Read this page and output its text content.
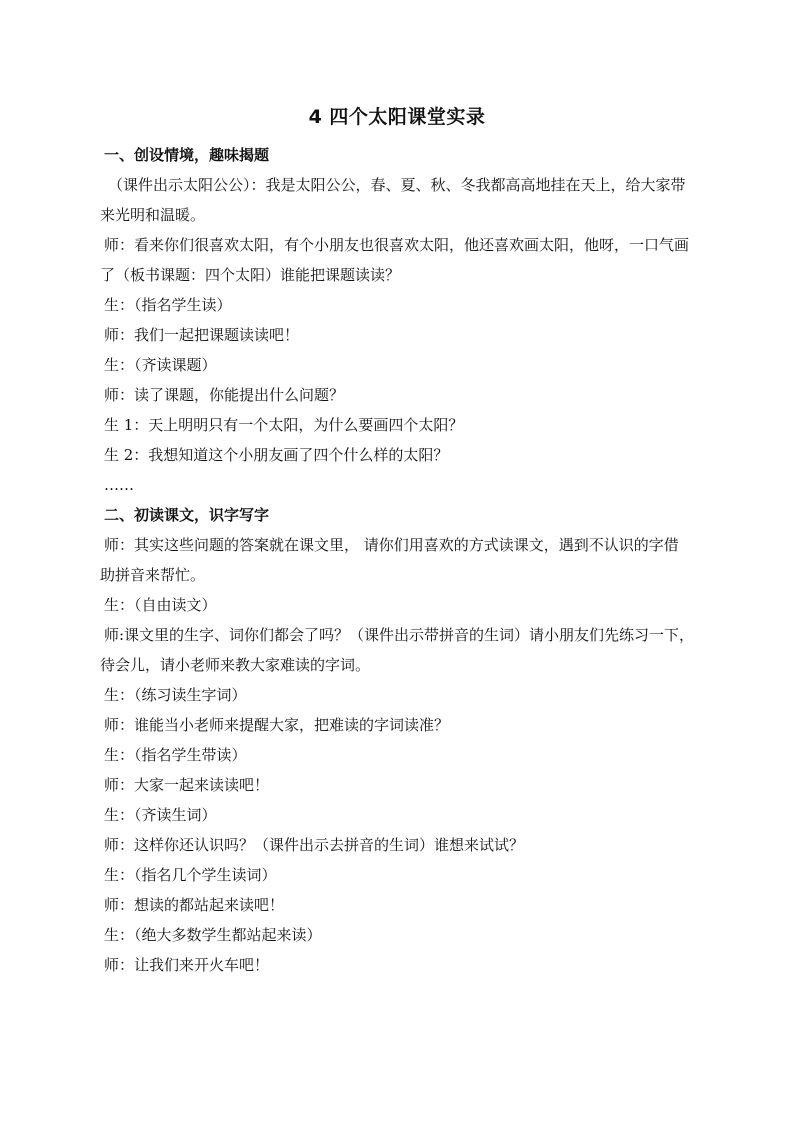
4 四个太阳课堂实录
一、创设情境，趣味揭题
（课件出示太阳公公）：我是太阳公公，春、夏、秋、冬我都高高地挂在天上，给大家带
来光明和温暖。
师：看来你们很喜欢太阳，有个小朋友也很喜欢太阳，他还喜欢画太阳，他呀，一口气画
了（板书课题：四个太阳）谁能把课题读读？
生：（指名学生读）
师：我们一起把课题读读吧！
生：（齐读课题）
师：读了课题，你能提出什么问题？
生 1：天上明明只有一个太阳，为什么要画四个太阳？
生 2：我想知道这个小朋友画了四个什么样的太阳？
……
二、初读课文，识字写字
师：其实这些问题的答案就在课文里， 请你们用喜欢的方式读课文，遇到不认识的字借
助拼音来帮忙。
生：（自由读文）
师:课文里的生字、词你们都会了吗？（课件出示带拼音的生词）请小朋友们先练习一下，
待会儿，请小老师来教大家难读的字词。
生：（练习读生字词）
师：谁能当小老师来提醒大家，把难读的字词读准？
生：（指名学生带读）
师：大家一起来读读吧！
生：（齐读生词）
师：这样你还认识吗？（课件出示去拼音的生词）谁想来试试？
生：（指名几个学生读词）
师：想读的都站起来读吧！
生：（绝大多数学生都站起来读）
师：让我们来开火车吧！
